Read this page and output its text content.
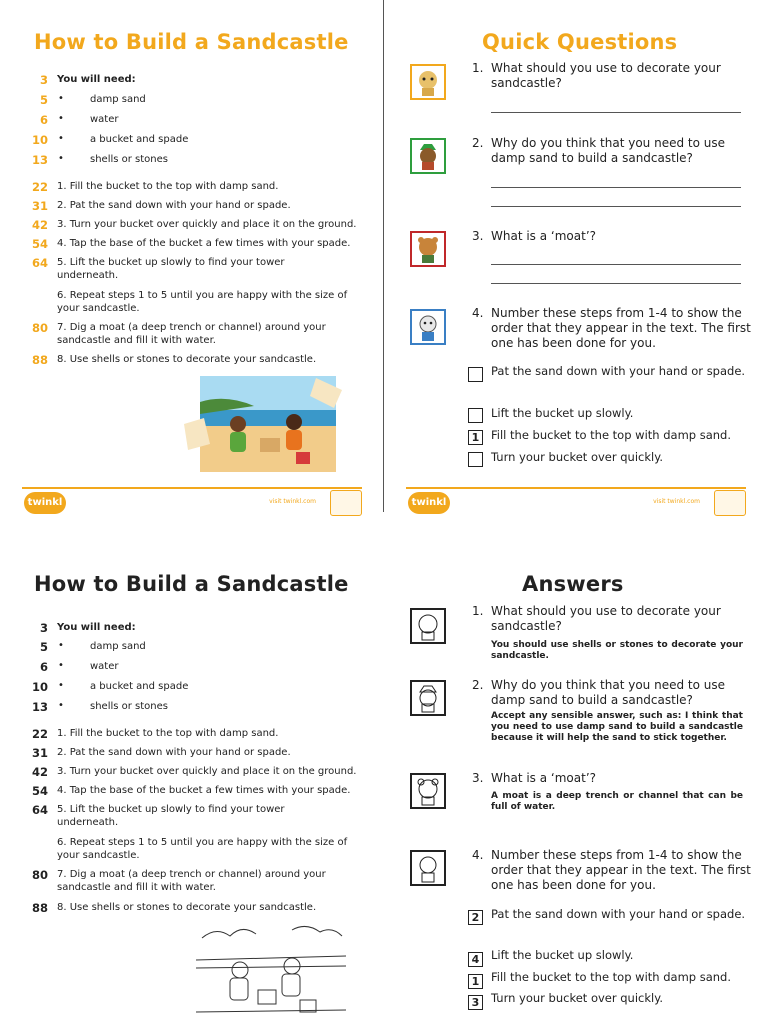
How to Build a Sandcastle
3 You will need:
5 •	damp sand
6 •	water
10 •	a bucket and spade
13 •	shells or stones
22 1. Fill the bucket to the top with damp sand.
31 2. Pat the sand down with your hand or spade.
42 3. Turn your bucket over quickly and place it on the ground.
54 4. Tap the base of the bucket a few times with your spade.
64 5. Lift the bucket up slowly to find your tower underneath.
6. Repeat steps 1 to 5 until you are happy with the size of your sandcastle.
80 7. Dig a moat (a deep trench or channel) around your sandcastle and fill it with water.
88 8. Use shells or stones to decorate your sandcastle.
twinkl	visit twinkl.com
Quick Questions
1. What should you use to decorate your sandcastle?
2. Why do you think that you need to use damp sand to build a sandcastle?
3. What is a ‘moat’?
4. Number these steps from 1-4 to show the order that they appear in the text. The first one has been done for you.
Pat the sand down with your hand or spade.
Lift the bucket up slowly.
1	Fill the bucket to the top with damp sand.
Turn your bucket over quickly.
twinkl	visit twinkl.com
How to Build a Sandcastle
3 You will need:
5 •	damp sand
6 •	water
10 •	a bucket and spade
13 •	shells or stones
22 1. Fill the bucket to the top with damp sand.
31 2. Pat the sand down with your hand or spade.
42 3. Turn your bucket over quickly and place it on the ground.
54 4. Tap the base of the bucket a few times with your spade.
64 5. Lift the bucket up slowly to find your tower underneath.
6. Repeat steps 1 to 5 until you are happy with the size of your sandcastle.
80 7. Dig a moat (a deep trench or channel) around your sandcastle and fill it with water.
88 8. Use shells or stones to decorate your sandcastle.
Answers
1. What should you use to decorate your sandcastle?
You should use shells or stones to decorate your sandcastle.
2. Why do you think that you need to use damp sand to build a sandcastle?
Accept any sensible answer, such as: I think that you need to use damp sand to build a sandcastle because it will help the sand to stick together.
3. What is a ‘moat’?
A moat is a deep trench or channel that can be full of water.
4. Number these steps from 1-4 to show the order that they appear in the text. The first one has been done for you.
2	Pat the sand down with your hand or spade.
4	Lift the bucket up slowly.
1	Fill the bucket to the top with damp sand.
3	Turn your bucket over quickly.
